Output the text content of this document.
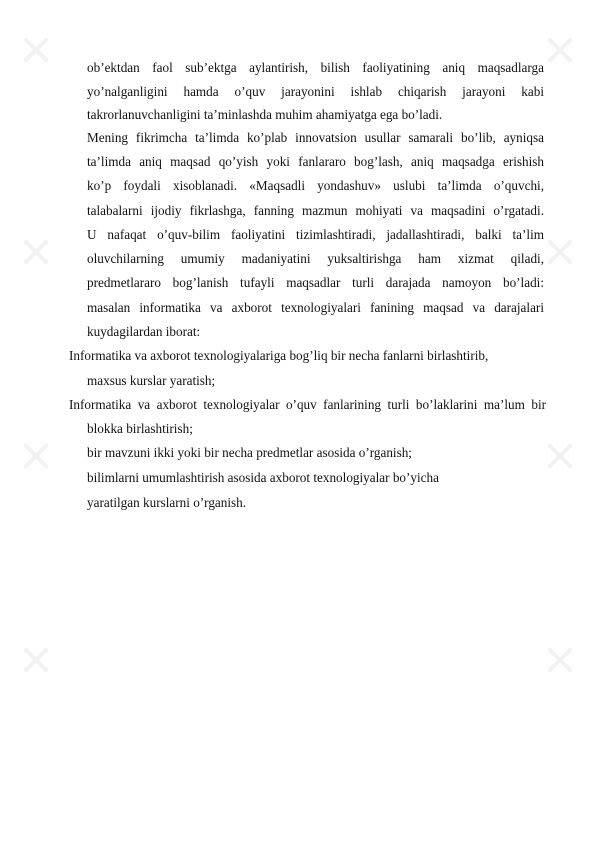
ob’ektdan faol sub’ektga aylantirish, bilish faoliyatining aniq maqsadlarga
yo’nalganligini hamda o’quv jarayonini ishlab chiqarish jarayoni kabi
takrorlanuvchanligini ta’minlashda muhim ahamiyatga ega bo’ladi.
Mening fikrimcha ta’limda ko’plab innovatsion usullar samarali bo’lib, ayniqsa
ta’limda aniq maqsad qo’yish yoki fanlararo bog’lash, aniq maqsadga erishish
ko’p foydali xisoblanadi. «Maqsadli yondashuv» uslubi ta’limda o’quvchi,
talabalarni ijodiy fikrlashga, fanning mazmun mohiyati va maqsadini o’rgatadi.
U nafaqat o’quv-bilim faoliyatini tizimlashtiradi, jadallashtiradi, balki ta’lim
oluvchilarning umumiy madaniyatini yuksaltirishga ham xizmat qiladi,
predmetlararo bog’lanish tufayli maqsadlar turli darajada namoyon bo’ladi:
masalan informatika va axborot texnologiyalari fanining maqsad va darajalari
kuydagilardan iborat:
Informatika va axborot texnologiyalariga bog’liq bir necha fanlarni birlashtirib,
maxsus kurslar yaratish;
Informatika va axborot texnologiyalar o’quv fanlarining turli bo’laklarini ma’lum bir
blokka birlashtirish;
bir mavzuni ikki yoki bir necha predmetlar asosida o’rganish;
bilimlarni umumlashtirish asosida axborot texnologiyalar bo’yicha
yaratilgan kurslarni o’rganish.
